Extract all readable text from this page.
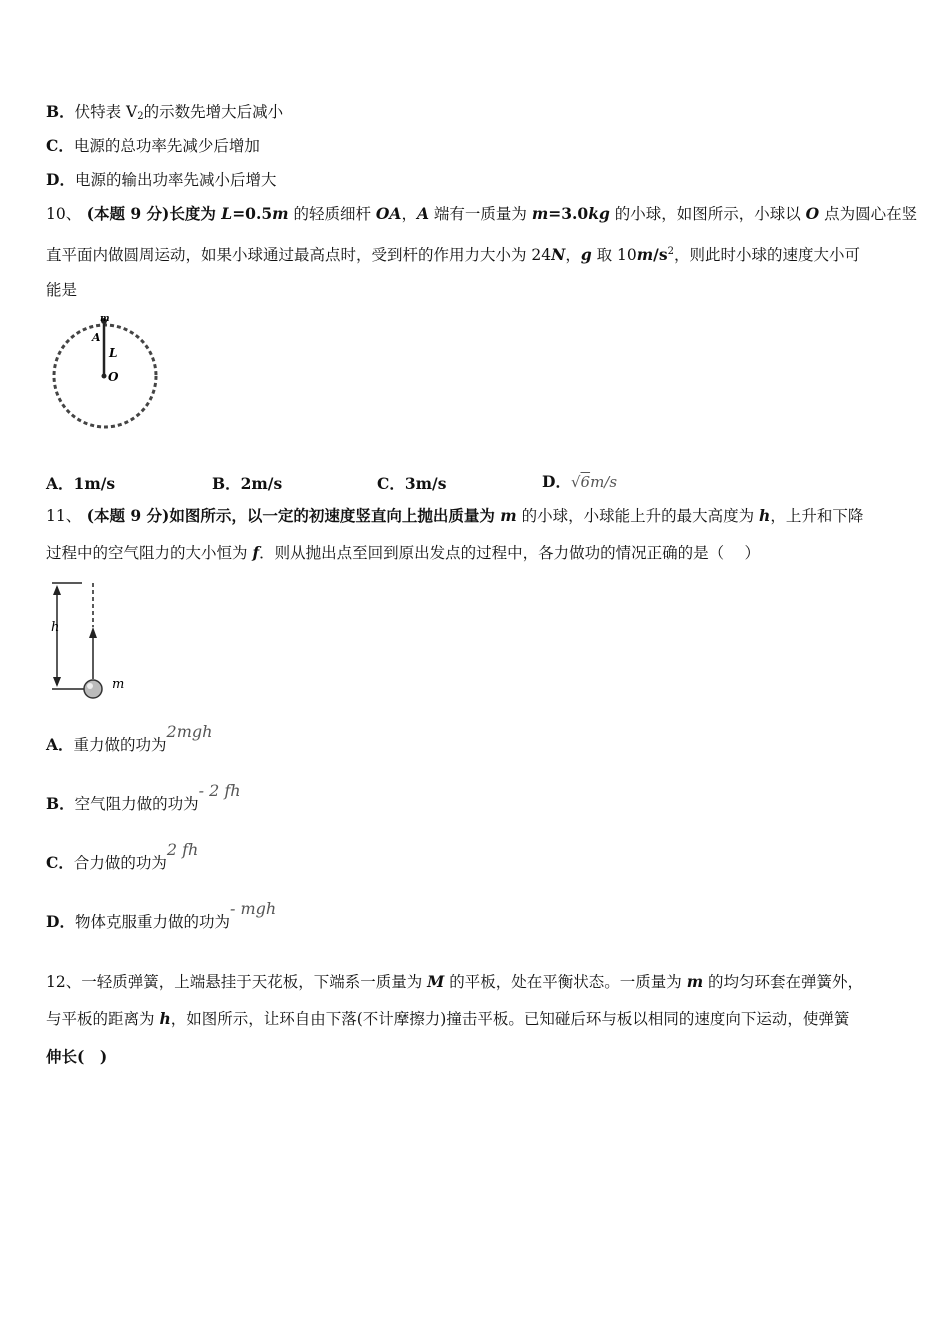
B．伏特表 $V_2$的示数先增大后减小
C．电源的总功率先减少后增加
D．电源的输出功率先减小后增大
10、 (本题 9 分)长度为 L=0.5m 的轻质细杆 OA，A 端有一质量为 m=3.0kg 的小球，如图所示，小球以 O 点为圆心在竖
直平面内做圆周运动，如果小球通过最高点时，受到杆的作用力大小为 24N，g 取 $10m/s^2$，则此时小球的速度大小可
能是
m
A
L
O
A．1m/s	B．2m/s	C．3m/s	D．√6m/s
11、 (本题 9 分)如图所示，以一定的初速度竖直向上抛出质量为 m 的小球，小球能上升的最大高度为 h，上升和下降
过程中的空气阻力的大小恒为 f．则从抛出点至回到原出发点的过程中，各力做功的情况正确的是（　 ）
h
m
A．重力做的功为2mgh
B．空气阻力做的功为- 2 fh
C．合力做的功为2 fh
D．物体克服重力做的功为- mgh
12、一轻质弹簧，上端悬挂于天花板，下端系一质量为 M 的平板，处在平衡状态。一质量为 m 的均匀环套在弹簧外，
与平板的距离为 h，如图所示，让环自由下落(不计摩擦力)撞击平板。已知碰后环与板以相同的速度向下运动，使弹簧
伸长(　)
